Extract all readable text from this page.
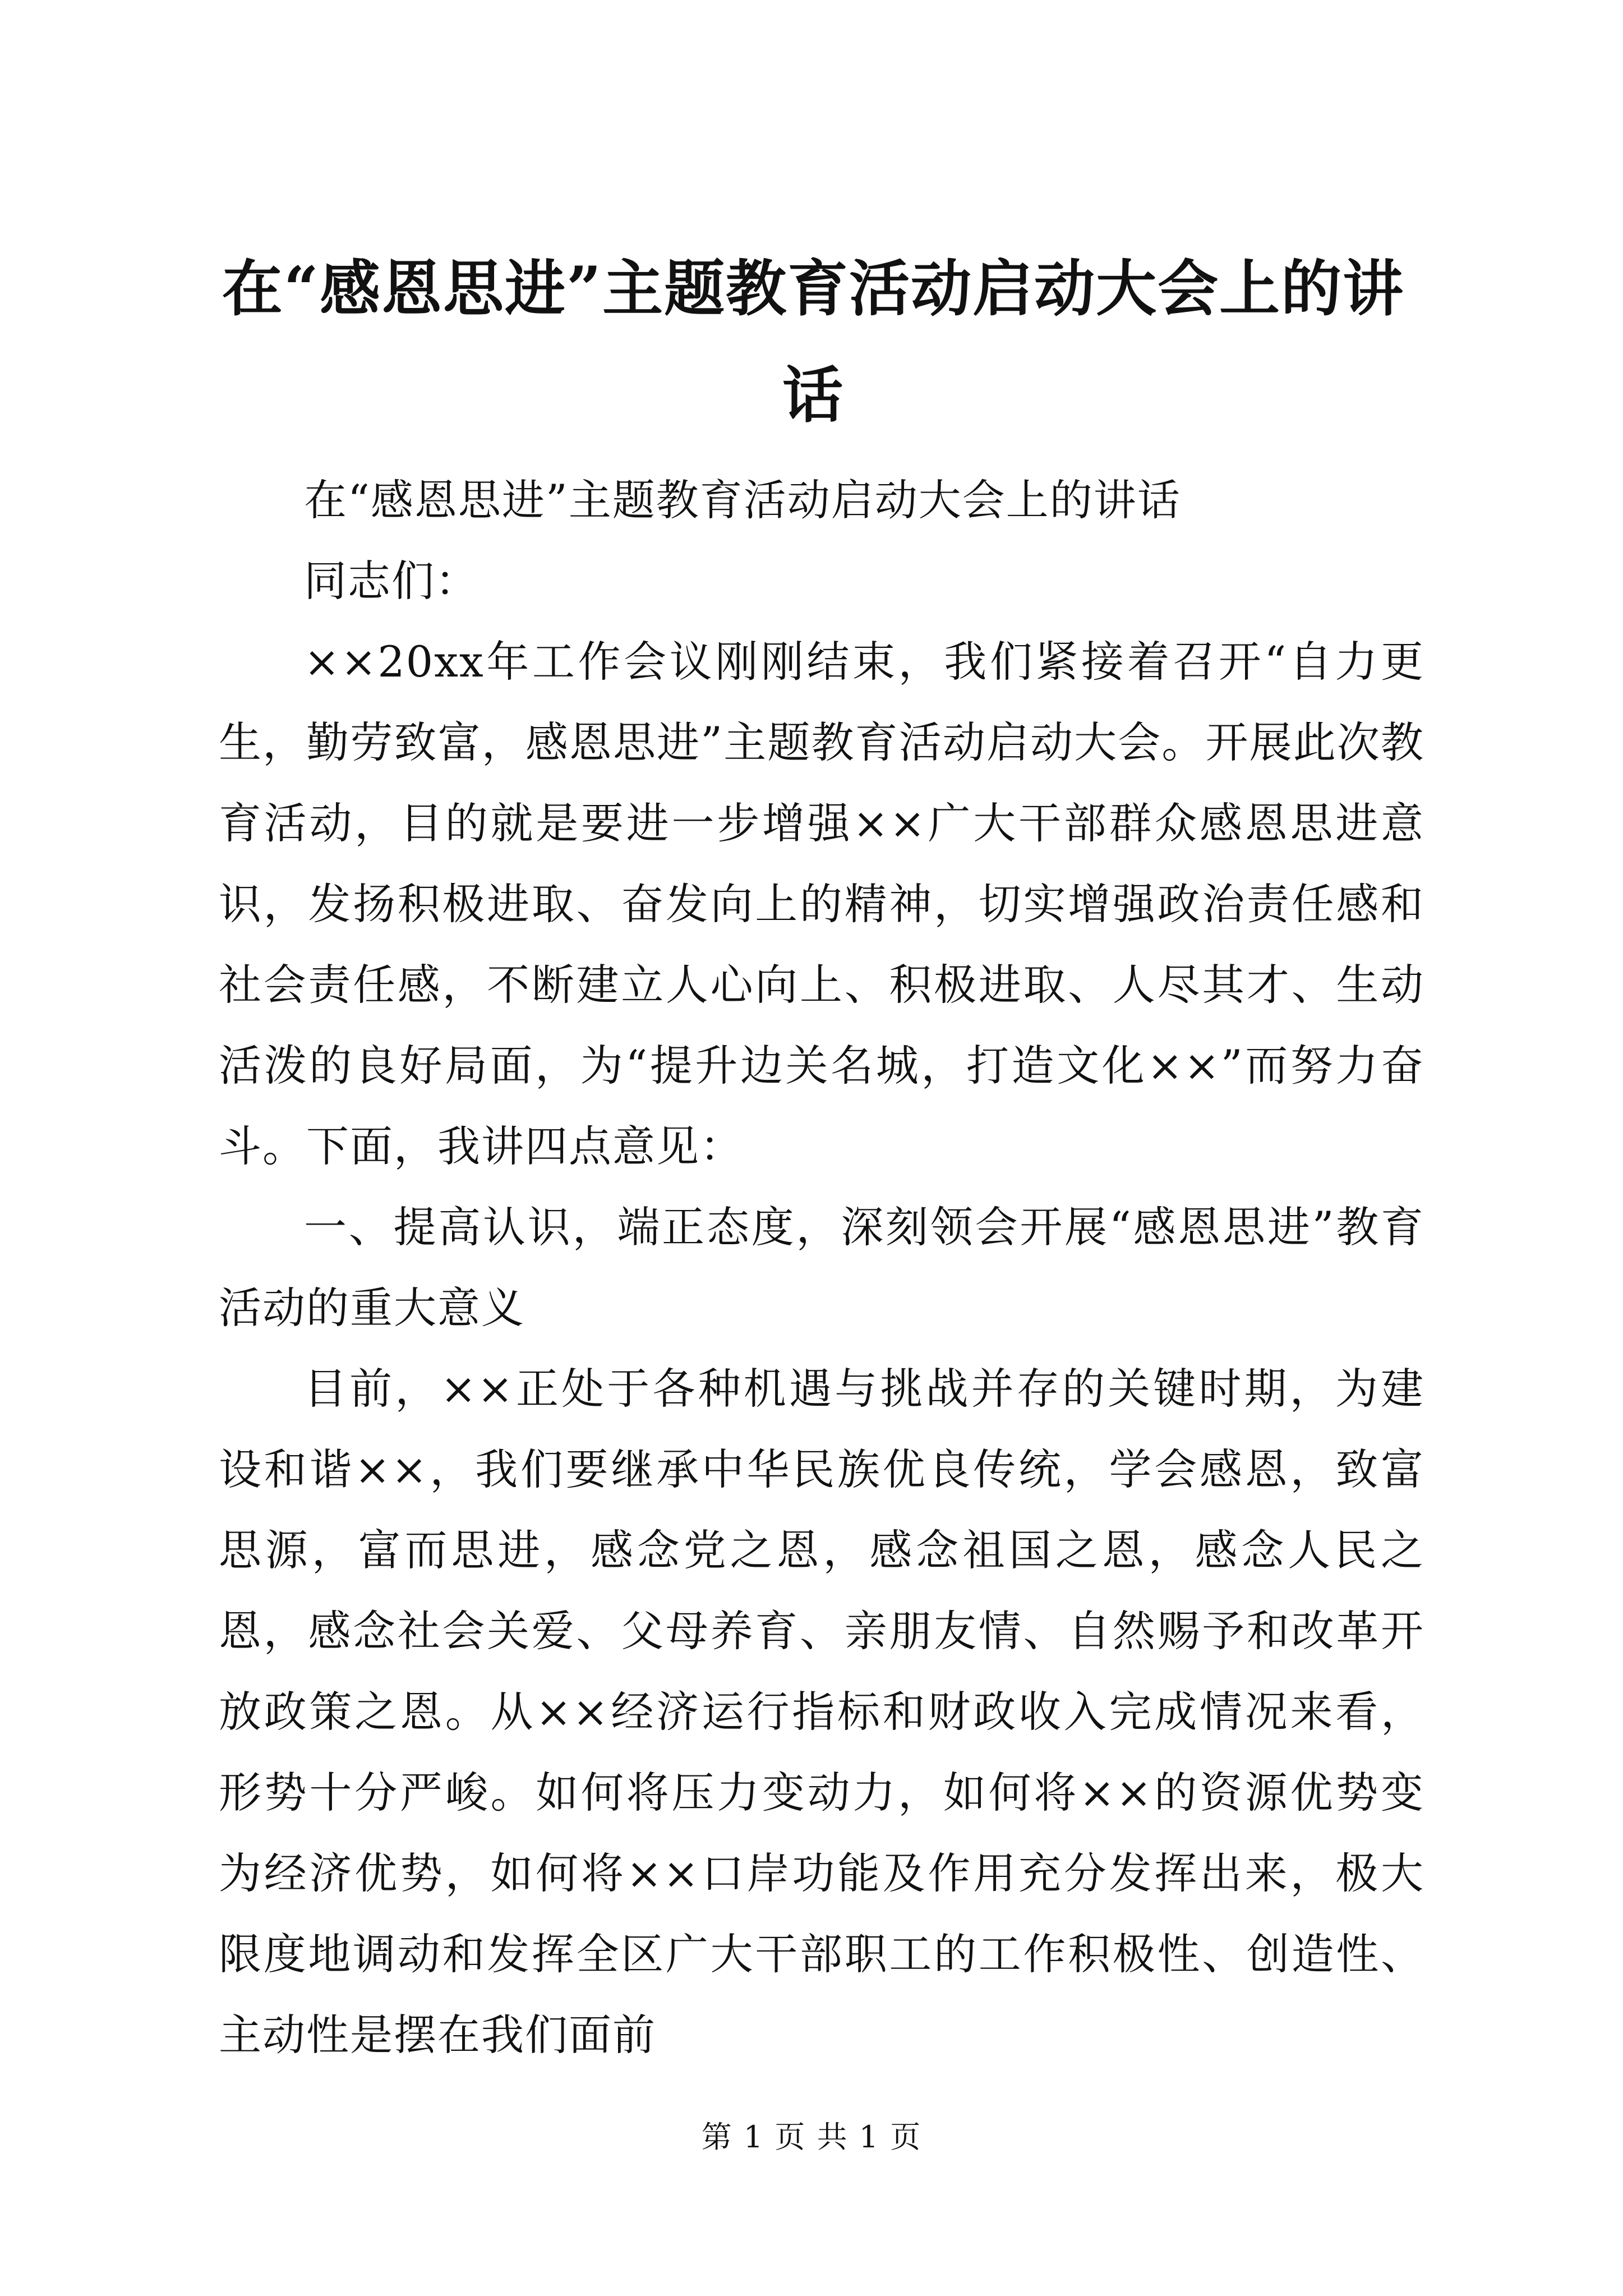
在“感恩思进”主题教育活动启动大会上的讲话

在“感恩思进”主题教育活动启动大会上的讲话

同志们：

××20xx年工作会议刚刚结束，我们紧接着召开“自力更生，勤劳致富，感恩思进”主题教育活动启动大会。开展此次教育活动，目的就是要进一步增强××广大干部群众感恩思进意识，发扬积极进取、奋发向上的精神，切实增强政治责任感和社会责任感，不断建立人心向上、积极进取、人尽其才、生动活泼的良好局面，为“提升边关名城，打造文化××”而努力奋斗。下面，我讲四点意见：

一、提高认识，端正态度，深刻领会开展“感恩思进”教育活动的重大意义

目前，××正处于各种机遇与挑战并存的关键时期，为建设和谐××，我们要继承中华民族优良传统，学会感恩，致富思源，富而思进，感念党之恩，感念祖国之恩，感念人民之恩，感念社会关爱、父母养育、亲朋友情、自然赐予和改革开放政策之恩。从××经济运行指标和财政收入完成情况来看，形势十分严峻。如何将压力变动力，如何将××的资源优势变为经济优势，如何将××口岸功能及作用充分发挥出来，极大限度地调动和发挥全区广大干部职工的工作积极性、创造性、主动性是摆在我们面前

第 1 页 共 1 页
